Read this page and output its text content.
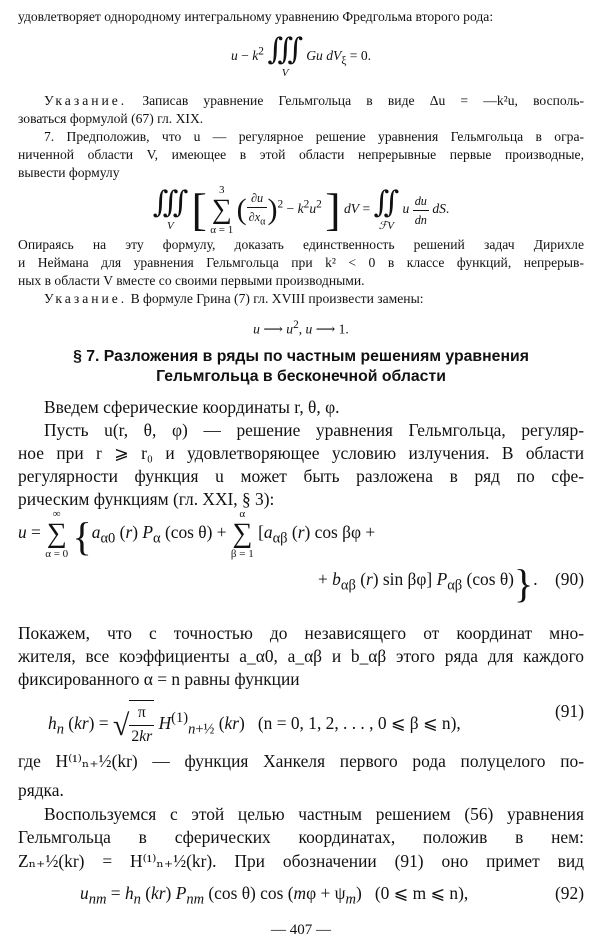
удовлетворяет однородному интегральному уравнению Фредгольма второго рода:
$u - k^2$ ∭
V
Gu $dV_\xi = 0$.
Указание. Записав уравнение Гельмгольца в виде Δu = —k²u, восполь-
зоваться формулой (67) гл. XIX.
7. Предположив, что u — регулярное решение уравнения Гельмгольца в огра-
ниченной области V, имеющее в этой области непрерывные первые производные,
вывести формулу
∭
V [	3
∑
α = 1
( $\frac{\partial u}{\partial x_\alpha} )^2 - k^2u^2$ ] dV = ∬
ℱV
u $\frac{du}{dn}$ dS.
Опираясь на эту формулу, доказать единственность решений задач Дирихле
и Неймана для уравнения Гельмгольца при k² < 0 в классе функций, непрерыв-
ных в области V вместе со своими первыми производными.
Указание. В формуле Грина (7) гл. XVIII произвести замены:
u ⟶ $u^2$, u ⟶ 1.
§ 7. Разложения в ряды по частным решениям уравнения
Гельмгольца в бесконечной области
Введем сферические координаты r, θ, φ.
Пусть u(r, θ, φ) — решение уравнения Гельмгольца, регуляр-
ное при r ⩾ r₀ и удовлетворяющее условию излучения. В области
регулярности функция u может быть разложена в ряд по сфе-
рическим функциям (гл. XXI, § 3):
u =
∞
∑
α = 0 {$a_{\alpha 0}$ (r) $P_\alpha$ (cos θ) +
α
∑
β = 1
[$a_{\alpha\beta}$ (r) cos βφ +
+ $b_{\alpha\beta}$ (r) sin βφ] $P_{\alpha\beta}$ (cos θ)}. (90)
Покажем, что с точностью до независящего от координат мно-
жителя, все коэффициенты a_α0, a_αβ и b_αβ этого ряда для каждого
фиксированного α = n равны функции
$h_n$ (kr) = √ $\frac{\pi}{2kr} H^{(1)}_{n+\frac{1}{2}}$ (kr)   (n = 0, 1, 2, . . . , 0 ⩽ β ⩽ n),
(91)
где H⁽¹⁾ₙ₊½(kr) — функция Ханкеля первого рода полуцелого по-
рядка.
Воспользуемся с этой целью частным решением (56) уравнения
Гельмгольца в сферических координатах, положив в нем:
Zₙ₊½(kr) = H⁽¹⁾ₙ₊½(kr). При обозначении (91) оно примет вид
$u_{nm} = h_n$ (kr) $P_{nm}$ (cos θ) $\cos (m\varphi + \psi_m)$   (0 ⩽ m ⩽ n),	(92)
— 407 —
